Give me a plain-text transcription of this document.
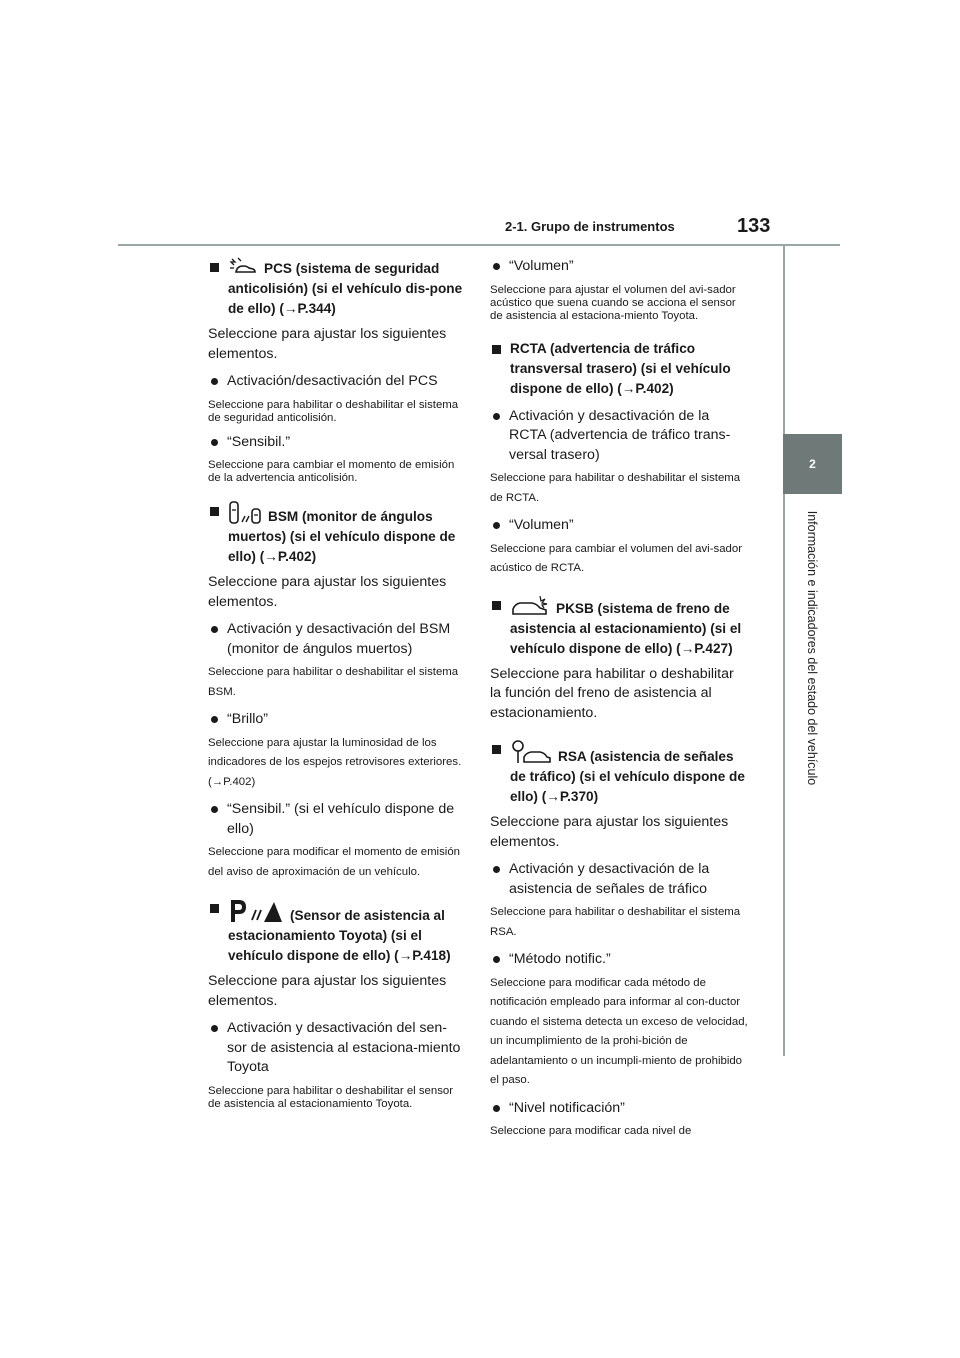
2-1. Grupo de instrumentos	133
2
Información e indicadores del estado del vehículo
PCS (sistema de seguridad anticolisión) (si el vehículo dis-pone de ello) (→P.344)
Seleccione para ajustar los siguientes elementos.
Activación/desactivación del PCS
Seleccione para habilitar o deshabilitar el sistema de seguridad anticolisión.
“Sensibil.”
Seleccione para cambiar el momento de emisión de la advertencia anticolisión.
BSM (monitor de ángulos muertos) (si el vehículo dispone de ello) (→P.402)
Seleccione para ajustar los siguientes elementos.
Activación y desactivación del BSM (monitor de ángulos muertos)
Seleccione para habilitar o deshabilitar el sistema BSM.
“Brillo”
Seleccione para ajustar la luminosidad de los indicadores de los espejos retrovisores exteriores. (→P.402)
“Sensibil.” (si el vehículo dispone de ello)
Seleccione para modificar el momento de emisión del aviso de aproximación de un vehículo.
(Sensor de asistencia al estacionamiento Toyota) (si el vehículo dispone de ello) (→P.418)
Seleccione para ajustar los siguientes elementos.
Activación y desactivación del sen-sor de asistencia al estaciona-miento Toyota
Seleccione para habilitar o deshabilitar el sensor de asistencia al estacionamiento Toyota.
“Volumen”
Seleccione para ajustar el volumen del avi-sador acústico que suena cuando se acciona el sensor de asistencia al estaciona-miento Toyota.
RCTA (advertencia de tráfico transversal trasero) (si el vehículo dispone de ello) (→P.402)
Activación y desactivación de la RCTA (advertencia de tráfico trans-versal trasero)
Seleccione para habilitar o deshabilitar el sistema de RCTA.
“Volumen”
Seleccione para cambiar el volumen del avi-sador acústico de RCTA.
PKSB (sistema de freno de asistencia al estacionamiento) (si el vehículo dispone de ello) (→P.427)
Seleccione para habilitar o deshabilitar la función del freno de asistencia al estacionamiento.
RSA (asistencia de señales de tráfico) (si el vehículo dispone de ello) (→P.370)
Seleccione para ajustar los siguientes elementos.
Activación y desactivación de la asistencia de señales de tráfico
Seleccione para habilitar o deshabilitar el sistema RSA.
“Método notific.”
Seleccione para modificar cada método de notificación empleado para informar al con-ductor cuando el sistema detecta un exceso de velocidad, un incumplimiento de la prohi-bición de adelantamiento o un incumpli-miento de prohibido el paso.
“Nivel notificación”
Seleccione para modificar cada nivel de
